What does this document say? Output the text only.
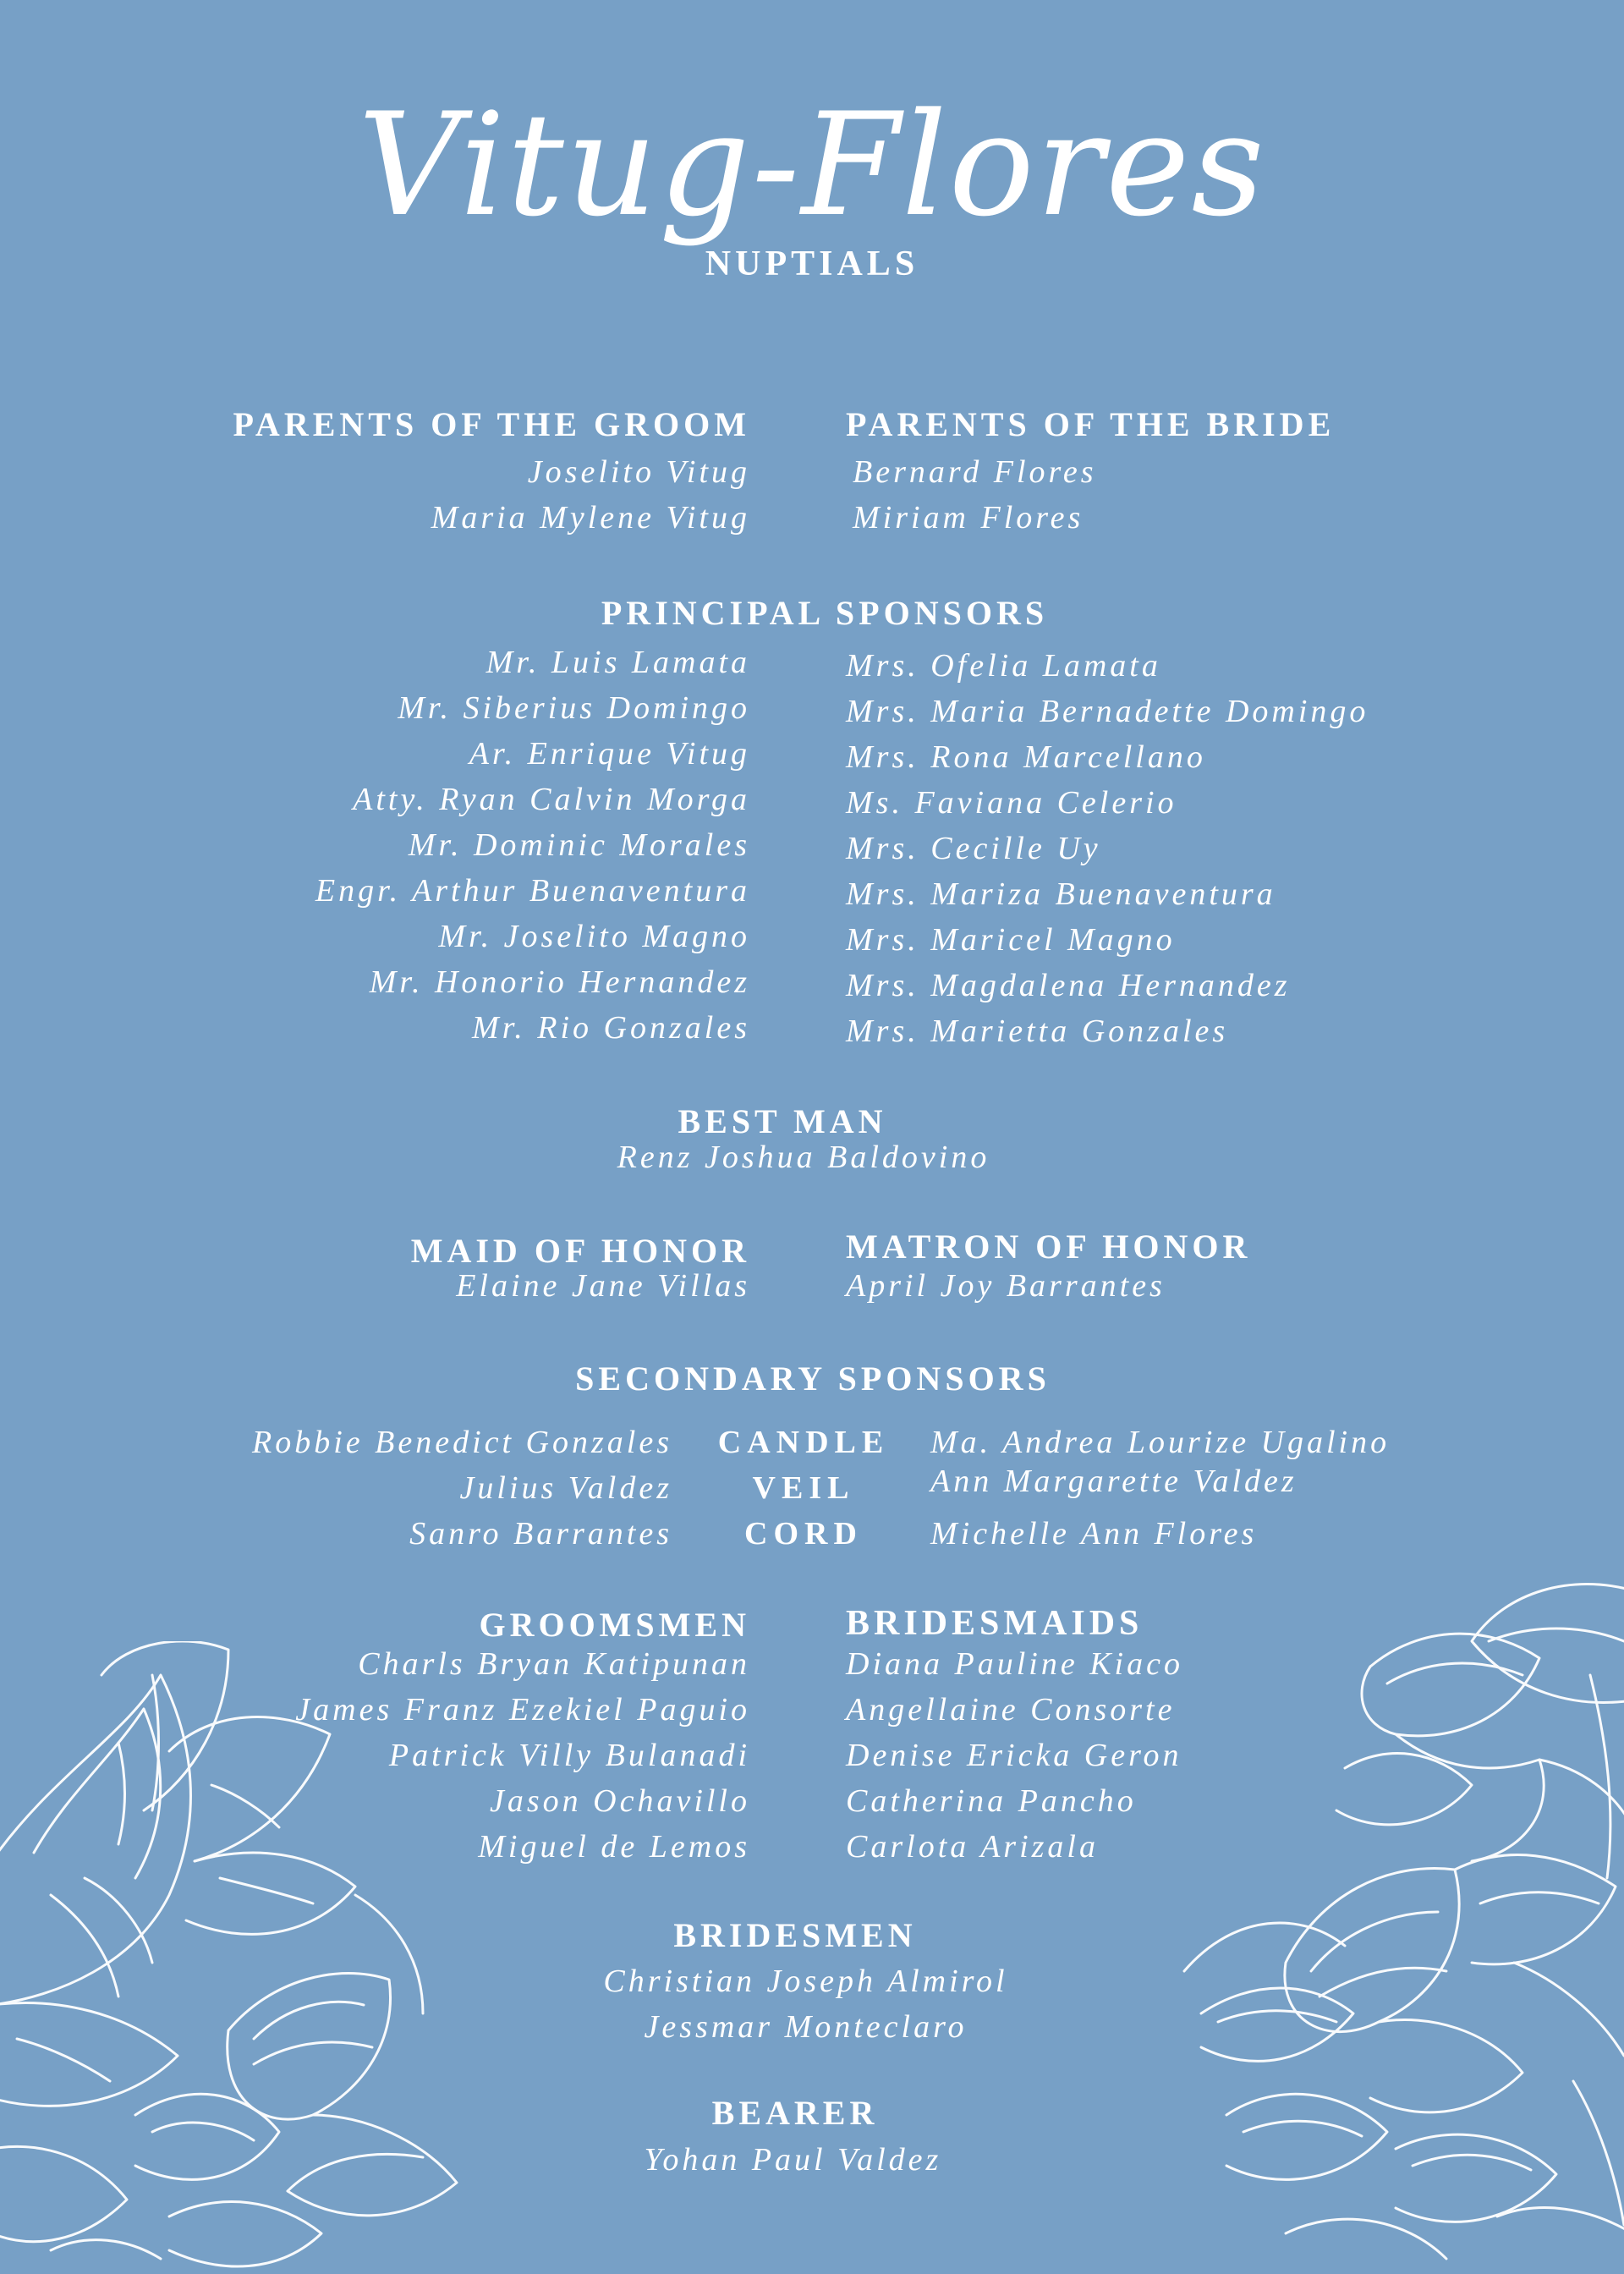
Vitug-Flores
NUPTIALS
PARENTS OF THE GROOM
Joselito Vitug
Maria Mylene Vitug
PARENTS OF THE BRIDE
Bernard Flores
Miriam Flores
PRINCIPAL SPONSORS
Mr. Luis Lamata
Mr. Siberius Domingo
Ar. Enrique Vitug
Atty. Ryan Calvin Morga
Mr. Dominic Morales
Engr. Arthur Buenaventura
Mr. Joselito Magno
Mr. Honorio Hernandez
Mr. Rio Gonzales
Mrs. Ofelia Lamata
Mrs. Maria Bernadette Domingo
Mrs. Rona Marcellano
Ms. Faviana Celerio
Mrs. Cecille Uy
Mrs. Mariza Buenaventura
Mrs. Maricel Magno
Mrs. Magdalena Hernandez
Mrs. Marietta Gonzales
BEST MAN
Renz Joshua Baldovino
MAID OF HONOR
Elaine Jane Villas
MATRON OF HONOR
April Joy Barrantes
SECONDARY SPONSORS
Robbie Benedict Gonzales
Julius Valdez
Sanro Barrantes
CANDLE
VEIL
CORD
Ma. Andrea Lourize Ugalino
Ann Margarette Valdez
Michelle Ann Flores
GROOMSMEN
Charls Bryan Katipunan
James Franz Ezekiel Paguio
Patrick Villy Bulanadi
Jason Ochavillo
Miguel de Lemos
BRIDESMAIDS
Diana Pauline Kiaco
Angellaine Consorte
Denise Ericka Geron
Catherina Pancho
Carlota Arizala
BRIDESMEN
Christian Joseph Almirol
Jessmar Monteclaro
BEARER
Yohan Paul Valdez
